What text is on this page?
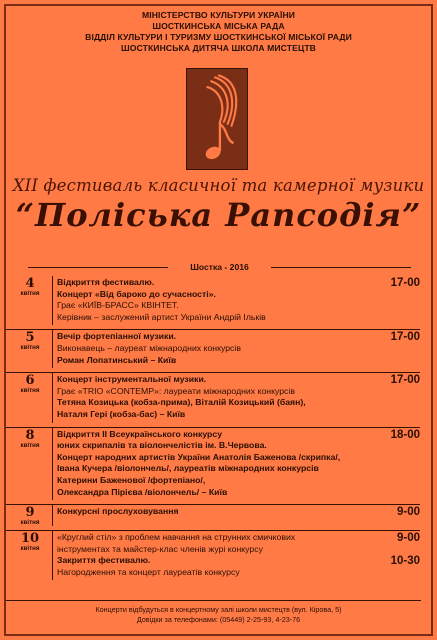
МІНІСТЕРСТВО КУЛЬТУРИ УКРАЇНИ
ШОСТКИНСЬКА МІСЬКА РАДА
ВІДДІЛ КУЛЬТУРИ І ТУРИЗМУ ШОСТКИНСЬКОЇ МІСЬКОЇ РАДИ
ШОСТКИНСЬКА ДИТЯЧА ШКОЛА МИСТЕЦТВ
XII фестиваль класичної та камерної музики
“Поліська Рапсодія”
Шостка - 2016
4
квітня
Відкриття фестивалю.	17-00
Концерт «Від бароко до сучасності».
Грає «КИЇВ-БРАСС» КВІНТЕТ.
Керівник – заслужений артист України Андрій Ільків
5
квітня
Вечір фортепіанної музики.	17-00
Виконавець – лауреат міжнародних конкурсів
Роман Лопатинський – Київ
6
квітня
Концерт інструментальної музики.	17-00
Грає «TRIO «CONTEMP»: лауреати міжнародних конкурсів
Тетяна Козицька (кобза-прима), Віталій Козицький (баян),
Наталя Гері (кобза-бас) – Київ
8
квітня
Відкриття ІІ Всеукраїнського конкурсу	18-00
юних скрипалів та віолончелістів ім. В.Червова.
Концерт народних артистів України Анатолія Баженова /скрипка/,
Івана Кучера /віолончель/, лауреатів міжнародних конкурсів
Катерини Баженової /фортепіано/,
Олександра Пірієва /віолончель/ – Київ
9
квітня
Конкурсні прослуховування	9-00
10
квітня
«Круглий стіл» з проблем навчання на струнних смичкових	9-00
інструментах та майстер-клас членів журі конкурсу
Закриття фестивалю.	10-30
Нагородження та концерт лауреатів конкурсу
Концерти відбудуться в концертному залі школи мистецтв (вул. Кірова, 5)
Довідки за телефонами: (05449) 2-25-93, 4-23-76
